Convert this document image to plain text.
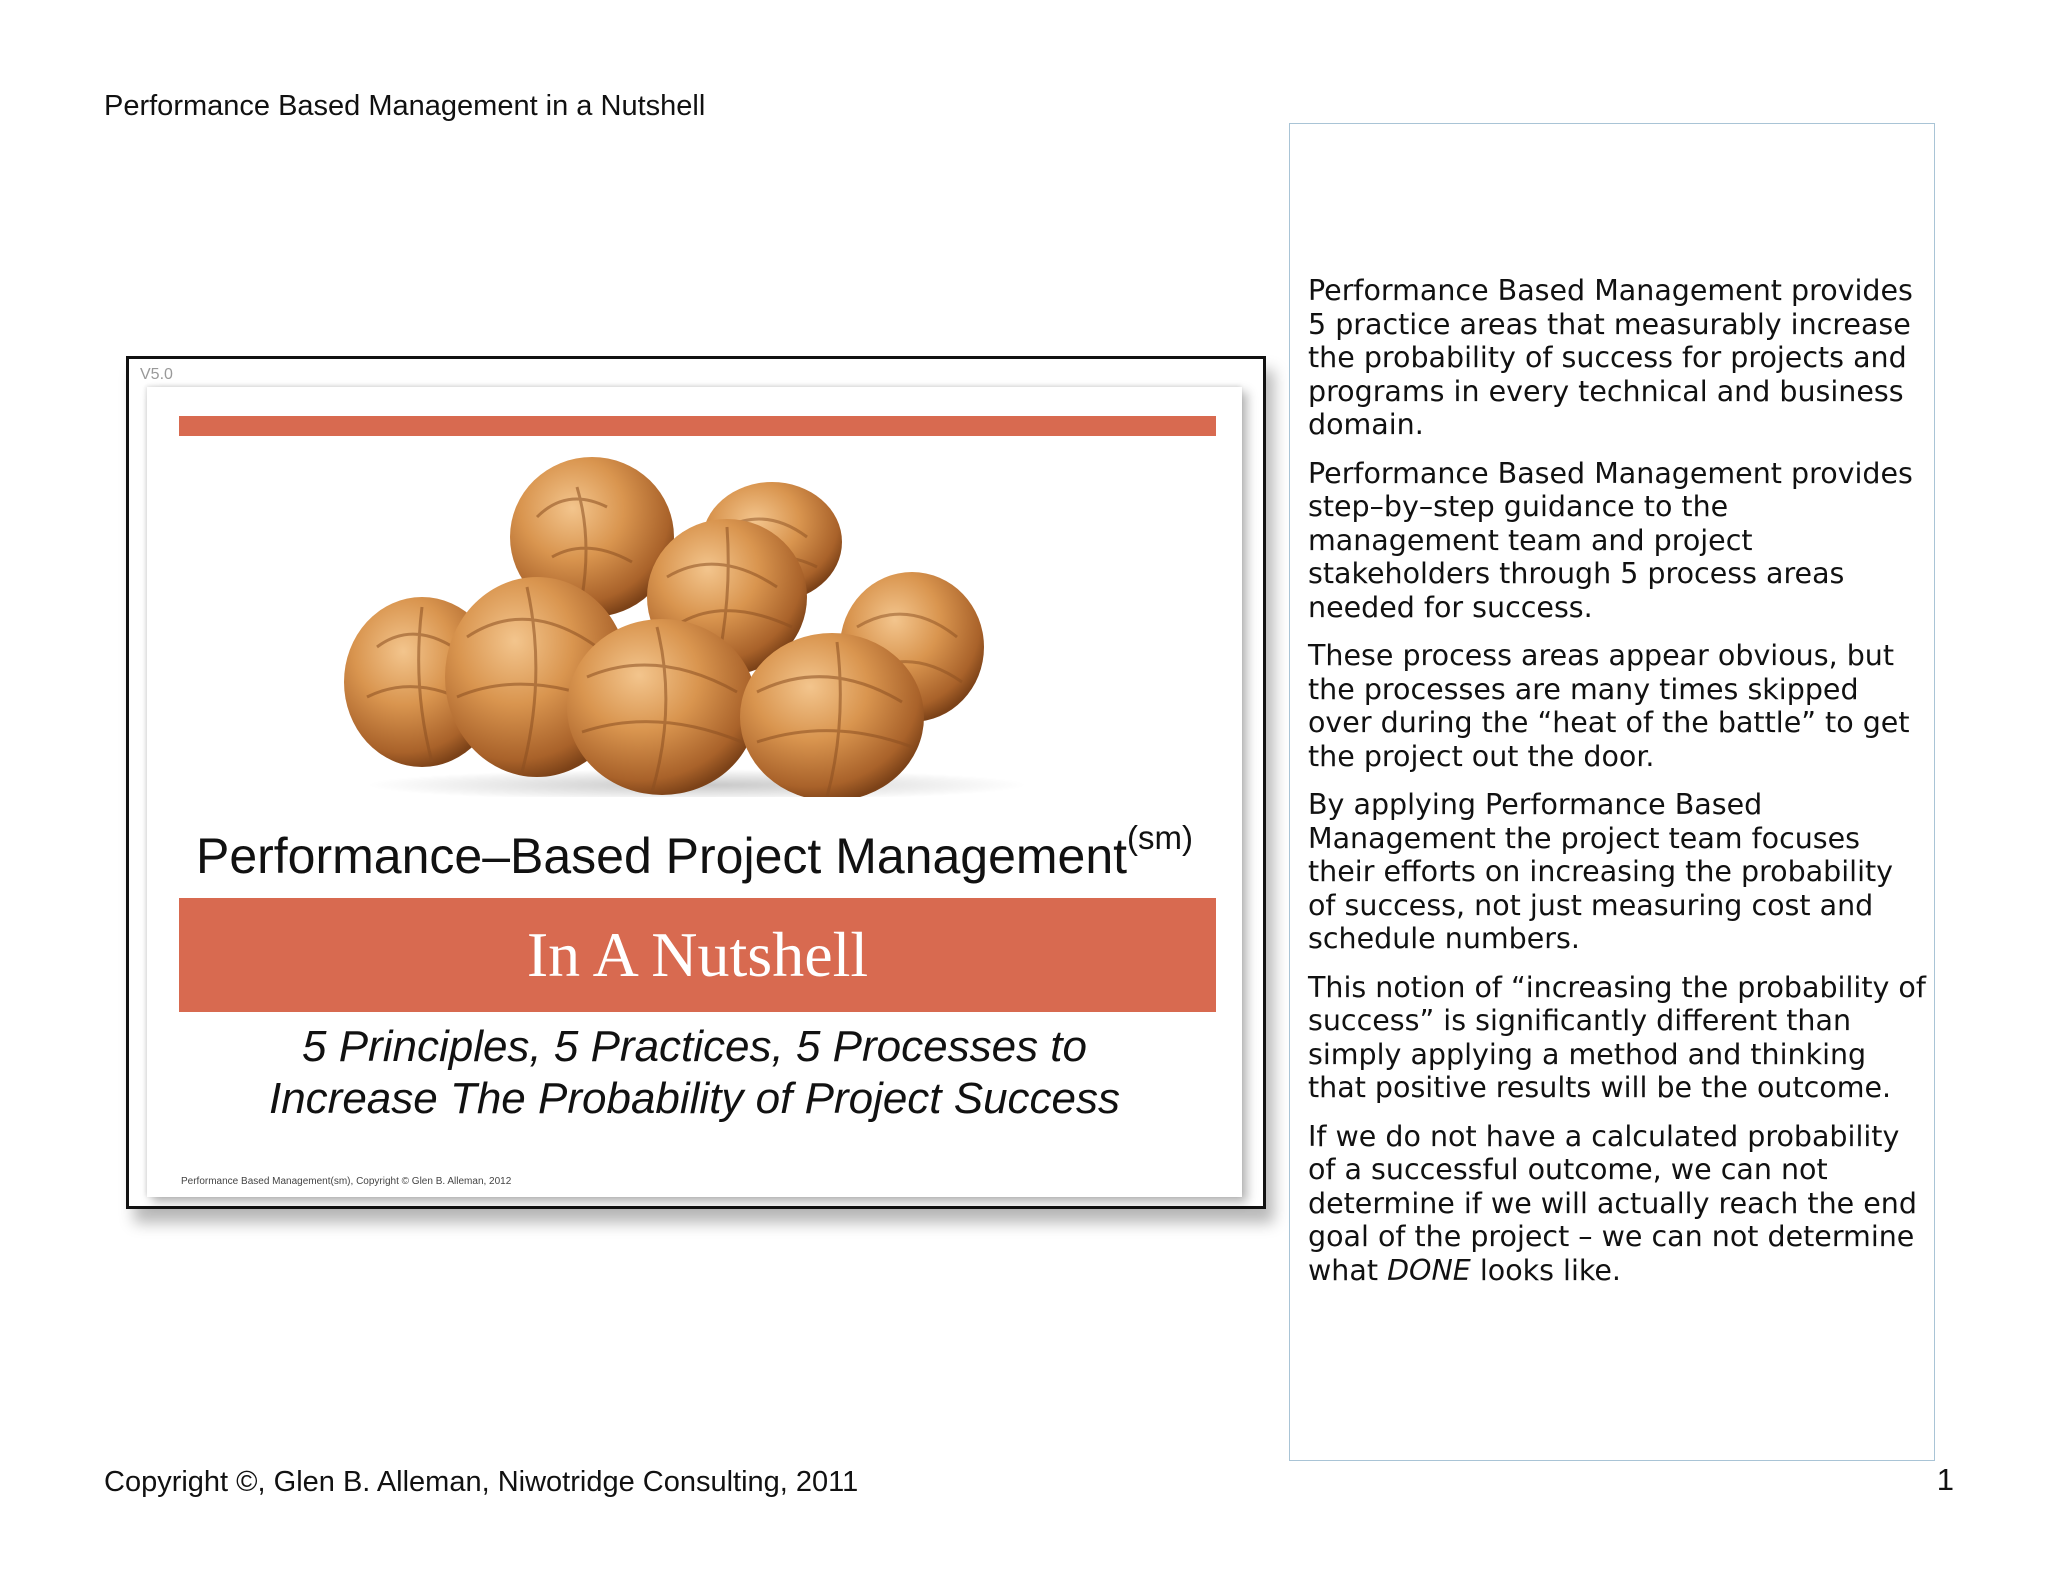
Performance Based Management in a Nutshell
V5.0
Performance–Based Project Management$^{(sm)}$
In A Nutshell
5 Principles, 5 Practices, 5 Processes to
Increase The Probability of Project Success
Performance Based Management(sm), Copyright © Glen B. Alleman, 2012

Performance Based Management provides 5 practice areas that measurably increase the probability of success for projects and programs in every technical and business domain.

Performance Based Management provides step–by–step guidance to the management team and project stakeholders through 5 process areas needed for success.

These process areas appear obvious, but the processes are many times skipped over during the “heat of the battle” to get the project out the door.

By applying Performance Based Management the project team focuses their efforts on increasing the probability of success, not just measuring cost and schedule numbers.

This notion of “increasing the probability of success” is significantly different than simply applying a method and thinking that positive results will be the outcome.

If we do not have a calculated probability of a successful outcome, we can not determine if we will actually reach the end goal of the project – we can not determine what DONE looks like.

Copyright ©, Glen B. Alleman, Niwotridge Consulting, 2011	1
